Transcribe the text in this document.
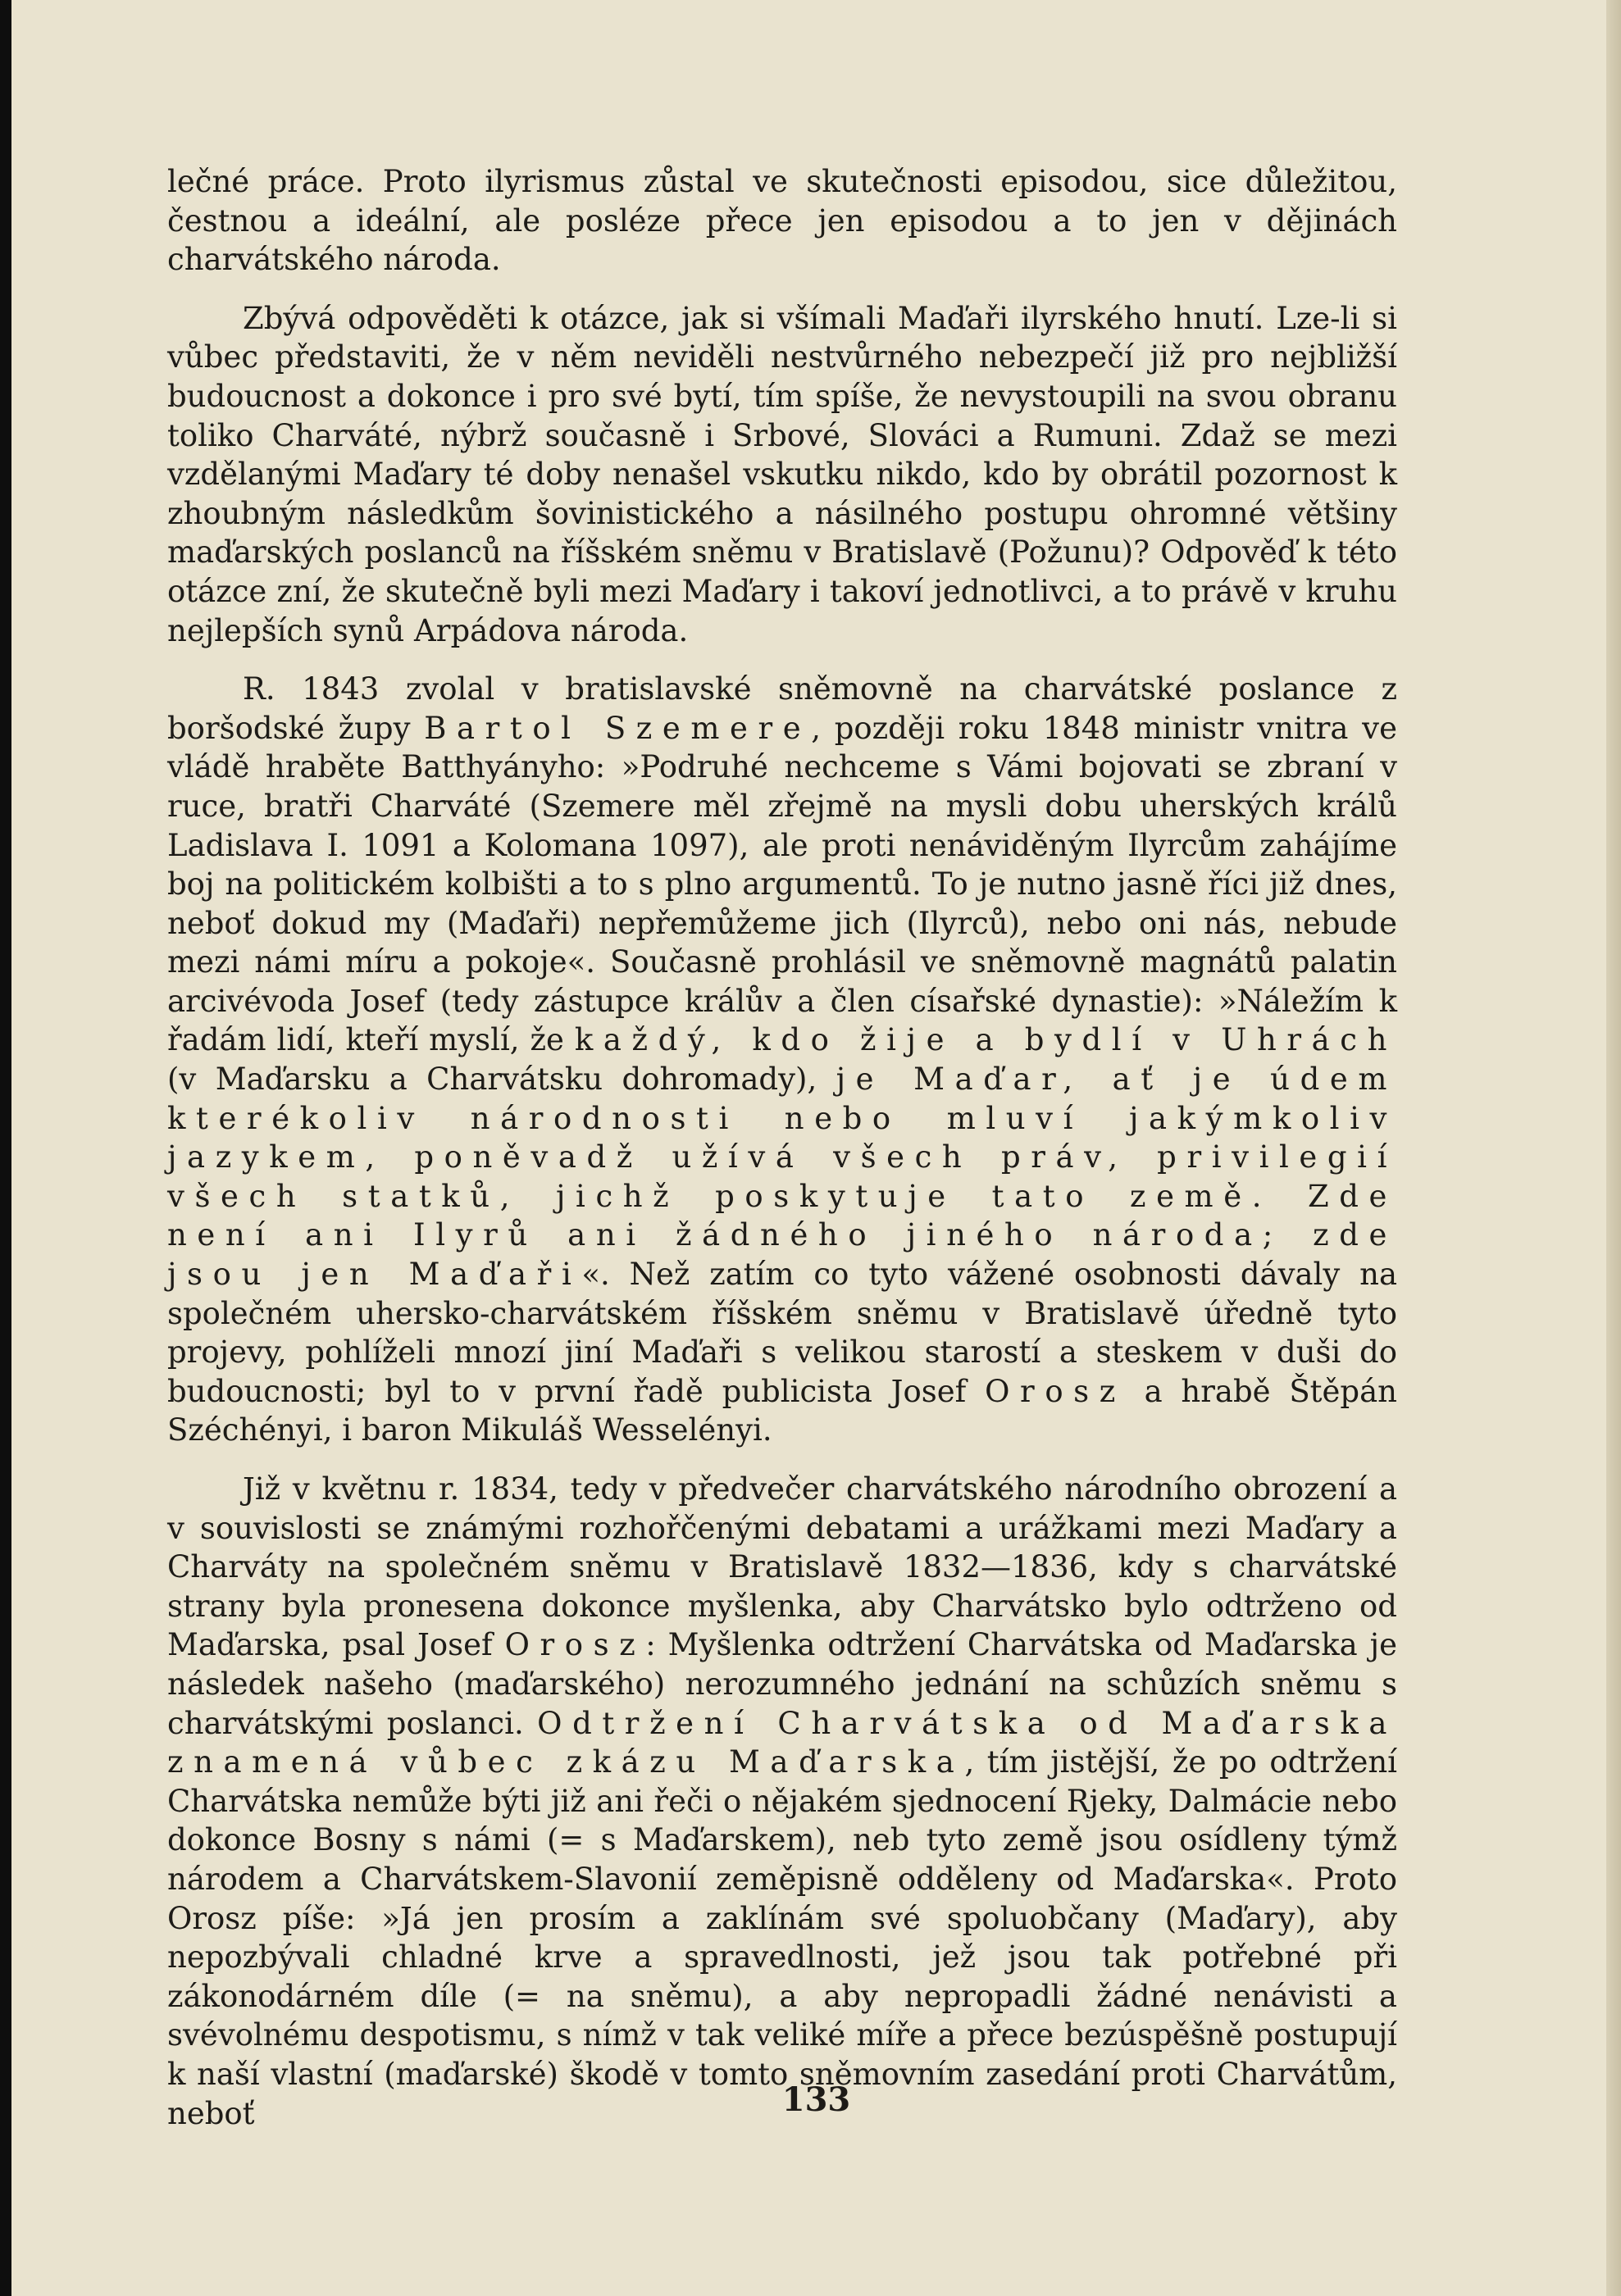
lečné práce. Proto ilyrismus zůstal ve skutečnosti episodou, sice důležitou, čestnou a ideální, ale posléze přece jen episodou a to jen v dějinách charvátského národa.

Zbývá odpověděti k otázce, jak si všímali Maďaři ilyrského hnutí. Lze-li si vůbec představiti, že v něm neviděli nestvůrného nebezpečí již pro nejbližší budoucnost a dokonce i pro své bytí, tím spíše, že nevystoupili na svou obranu toliko Charváté, nýbrž současně i Srbové, Slováci a Rumuni. Zdaž se mezi vzdělanými Maďary té doby nenašel vskutku nikdo, kdo by obrátil pozornost k zhoubným následkům šovinistického a násilného postupu ohromné většiny maďarských poslanců na říšském sněmu v Bratislavě (Požunu)? Odpověď k této otázce zní, že skutečně byli mezi Maďary i takoví jednotlivci, a to právě v kruhu nejlepších synů Arpádova národa.

R. 1843 zvolal v bratislavské sněmovně na charvátské poslance z boršodské župy Bartol Szemere, později roku 1848 ministr vnitra ve vládě hraběte Batthyányho: »Podruhé nechceme s Vámi bojovati se zbraní v ruce, bratři Charváté (Szemere měl zřejmě na mysli dobu uherských králů Ladislava I. 1091 a Kolomana 1097), ale proti nenáviděným Ilyrcům zahájíme boj na politickém kolbišti a to s plno argumentů. To je nutno jasně říci již dnes, neboť dokud my (Maďaři) nepřemůžeme jich (Ilyrců), nebo oni nás, nebude mezi námi míru a pokoje«. Současně prohlásil ve sněmovně magnátů palatin arcivévoda Josef (tedy zástupce králův a člen císařské dynastie): »Náležím k řadám lidí, kteří myslí, že každý, kdo žije a bydlí v Uhrách (v Maďarsku a Charvátsku dohromady), je Maďar, ať je údem kterékoliv národnosti nebo mluví jakýmkoliv jazykem, poněvadž užívá všech práv, privilegií všech statků, jichž poskytuje tato země. Zde není ani Ilyrů ani žádného jiného národa; zde jsou jen Maďaři«. Než zatím co tyto vážené osobnosti dávaly na společném uhersko-charvátském říšském sněmu v Bratislavě úředně tyto projevy, pohlíželi mnozí jiní Maďaři s velikou starostí a steskem v duši do budoucnosti; byl to v první řadě publicista Josef Orosz a hrabě Štěpán Széchényi, i baron Mikuláš Wesselényi.

Již v květnu r. 1834, tedy v předvečer charvátského národního obrození a v souvislosti se známými rozhořčenými debatami a urážkami mezi Maďary a Charváty na společném sněmu v Bratislavě 1832—1836, kdy s charvátské strany byla pronesena dokonce myšlenka, aby Charvátsko bylo odtrženo od Maďarska, psal Josef Orosz: Myšlenka odtržení Charvátska od Maďarska je následek našeho (maďarského) nerozumného jednání na schůzích sněmu s charvátskými poslanci. Odtržení Charvátska od Maďarska znamená vůbec zkázu Maďarska, tím jistější, že po odtržení Charvátska nemůže býti již ani řeči o nějakém sjednocení Rjeky, Dalmácie nebo dokonce Bosny s námi (= s Maďarskem), neb tyto země jsou osídleny týmž národem a Charvátskem-Slavonií zeměpisně odděleny od Maďarska«. Proto Orosz píše: »Já jen prosím a zaklínám své spoluobčany (Maďary), aby nepozbývali chladné krve a spravedlnosti, jež jsou tak potřebné při zákonodárném díle (= na sněmu), a aby nepropadli žádné nenávisti a svévolnému despotismu, s nímž v tak veliké míře a přece bezúspěšně postupují k naší vlastní (maďarské) škodě v tomto sněmovním zasedání proti Charvátům, neboť	133
